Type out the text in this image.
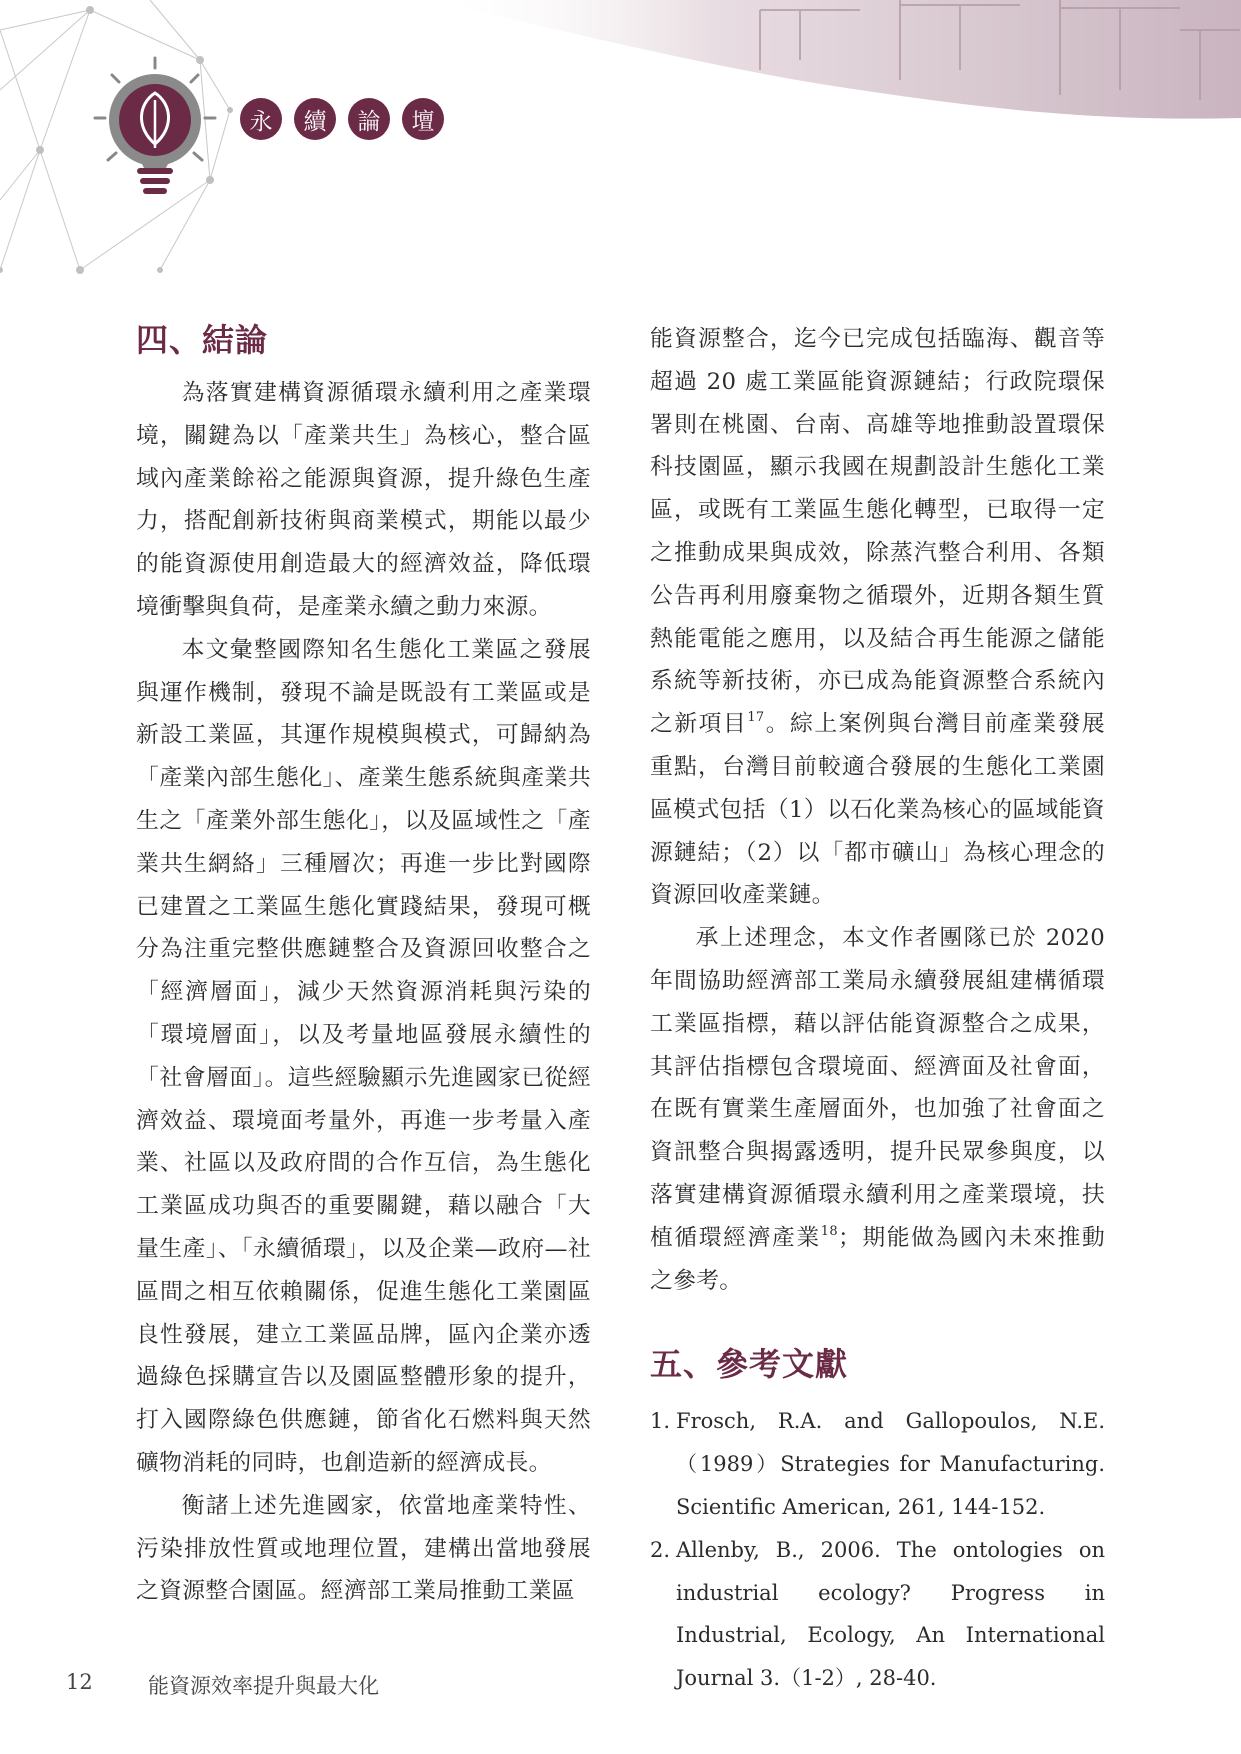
永	續	論	壇
四、結論

為落實建構資源循環永續利用之產業環境，關鍵為以「產業共生」為核心，整合區域內產業餘裕之能源與資源，提升綠色生產力，搭配創新技術與商業模式，期能以最少的能資源使用創造最大的經濟效益，降低環境衝擊與負荷，是產業永續之動力來源。

本文彙整國際知名生態化工業區之發展與運作機制，發現不論是既設有工業區或是新設工業區，其運作規模與模式，可歸納為「產業內部生態化」、產業生態系統與產業共生之「產業外部生態化」，以及區域性之「產業共生網絡」三種層次；再進一步比對國際已建置之工業區生態化實踐結果，發現可概分為注重完整供應鏈整合及資源回收整合之「經濟層面」，減少天然資源消耗與污染的「環境層面」，以及考量地區發展永續性的「社會層面」。這些經驗顯示先進國家已從經濟效益、環境面考量外，再進一步考量入產業、社區以及政府間的合作互信，為生態化工業區成功與否的重要關鍵，藉以融合「大量生產」、「永續循環」，以及企業—政府—社區間之相互依賴關係，促進生態化工業園區良性發展，建立工業區品牌，區內企業亦透過綠色採購宣告以及園區整體形象的提升，打入國際綠色供應鏈，節省化石燃料與天然礦物消耗的同時，也創造新的經濟成長。

衡諸上述先進國家，依當地產業特性、污染排放性質或地理位置，建構出當地發展之資源整合園區。經濟部工業局推動工業區

能資源整合，迄今已完成包括臨海、觀音等超過 20 處工業區能資源鏈結；行政院環保署則在桃園、台南、高雄等地推動設置環保科技園區，顯示我國在規劃設計生態化工業區，或既有工業區生態化轉型，已取得一定之推動成果與成效，除蒸汽整合利用、各類公告再利用廢棄物之循環外，近期各類生質熱能電能之應用，以及結合再生能源之儲能系統等新技術，亦已成為能資源整合系統內之新項目$^{17}$。綜上案例與台灣目前產業發展重點，台灣目前較適合發展的生態化工業園區模式包括（1）以石化業為核心的區域能資源鏈結；（2）以「都市礦山」為核心理念的資源回收產業鏈。

承上述理念，本文作者團隊已於 2020 年間協助經濟部工業局永續發展組建構循環工業區指標，藉以評估能資源整合之成果，其評估指標包含環境面、經濟面及社會面，在既有實業生產層面外，也加強了社會面之資訊整合與揭露透明，提升民眾參與度，以落實建構資源循環永續利用之產業環境，扶植循環經濟產業$^{18}$；期能做為國內未來推動之參考。

五、參考文獻
1. Frosch, R.A. and Gallopoulos, N.E.（1989）Strategies for Manufacturing. Scientific American, 261, 144-152.
2. Allenby, B., 2006. The ontologies on industrial ecology? Progress in Industrial, Ecology, An International Journal 3.（1-2）, 28-40.
12	能資源效率提升與最大化
